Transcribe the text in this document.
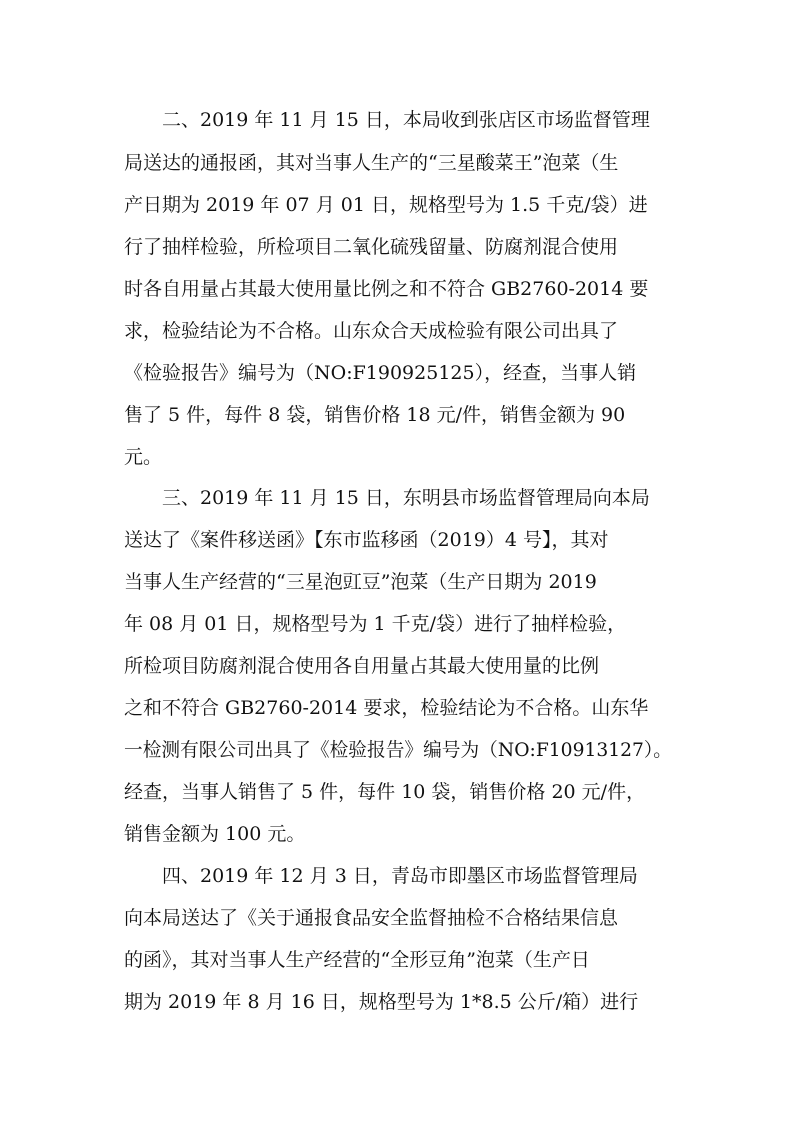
二、2019 年 11 月 15 日，本局收到张店区市场监督管理
局送达的通报函，其对当事人生产的“三星酸菜王”泡菜（生
产日期为 2019 年 07 月 01 日，规格型号为 1.5 千克/袋）进
行了抽样检验，所检项目二氧化硫残留量、防腐剂混合使用
时各自用量占其最大使用量比例之和不符合 GB2760-2014 要
求，检验结论为不合格。山东众合天成检验有限公司出具了
《检验报告》编号为（NO:F190925125），经查，当事人销
售了 5 件，每件 8 袋，销售价格 18 元/件，销售金额为 90
元。
三、2019 年 11 月 15 日，东明县市场监督管理局向本局
送达了《案件移送函》【东市监移函（2019）4 号】，其对
当事人生产经营的“三星泡豇豆”泡菜（生产日期为 2019
年 08 月 01 日，规格型号为 1 千克/袋）进行了抽样检验，
所检项目防腐剂混合使用各自用量占其最大使用量的比例
之和不符合 GB2760-2014 要求，检验结论为不合格。山东华
一检测有限公司出具了《检验报告》编号为（NO:F10913127）。
经查，当事人销售了 5 件，每件 10 袋，销售价格 20 元/件，
销售金额为 100 元。
四、2019 年 12 月 3 日，青岛市即墨区市场监督管理局
向本局送达了《关于通报食品安全监督抽检不合格结果信息
的函》，其对当事人生产经营的“全形豆角”泡菜（生产日
期为 2019 年 8 月 16 日，规格型号为 1*8.5 公斤/箱）进行
